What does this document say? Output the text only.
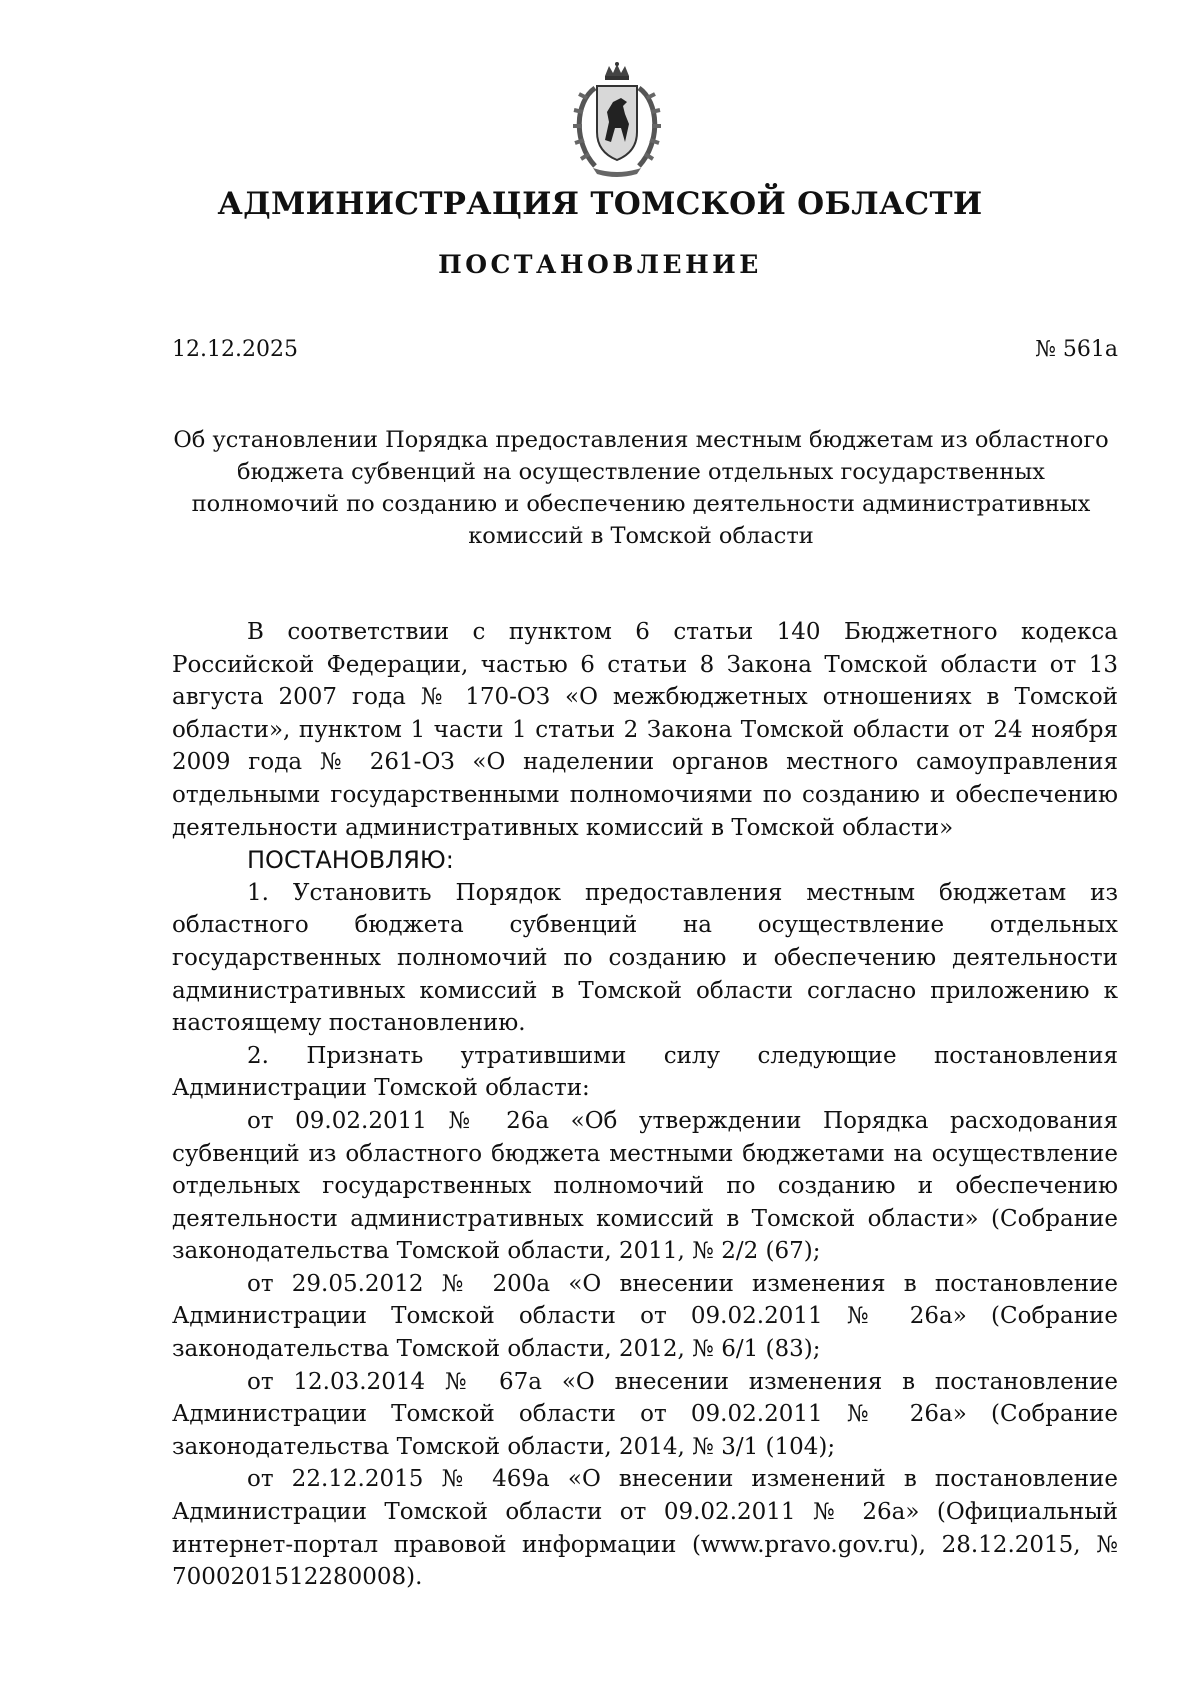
АДМИНИСТРАЦИЯ ТОМСКОЙ ОБЛАСТИ
ПОСТАНОВЛЕНИЕ
12.12.2025	№ 561а
Об установлении Порядка предоставления местным бюджетам из областного бюджета субвенций на осуществление отдельных государственных полномочий по созданию и обеспечению деятельности административных комиссий в Томской области

В соответствии с пунктом 6 статьи 140 Бюджетного кодекса Российской Федерации, частью 6 статьи 8 Закона Томской области от 13 августа 2007 года № 170-ОЗ «О межбюджетных отношениях в Томской области», пунктом 1 части 1 статьи 2 Закона Томской области от 24 ноября 2009 года № 261-ОЗ «О наделении органов местного самоуправления отдельными государственными полномочиями по созданию и обеспечению деятельности административных комиссий в Томской области»

ПОСТАНОВЛЯЮ:

1. Установить Порядок предоставления местным бюджетам из областного бюджета субвенций на осуществление отдельных государственных полномочий по созданию и обеспечению деятельности административных комиссий в Томской области согласно приложению к настоящему постановлению.

2. Признать утратившими силу следующие постановления Администрации Томской области:

от 09.02.2011 № 26а «Об утверждении Порядка расходования субвенций из областного бюджета местными бюджетами на осуществление отдельных государственных полномочий по созданию и обеспечению деятельности административных комиссий в Томской области» (Собрание законодательства Томской области, 2011, № 2/2 (67);

от 29.05.2012 № 200а «О внесении изменения в постановление Администрации Томской области от 09.02.2011 № 26а» (Собрание законодательства Томской области, 2012, № 6/1 (83);

от 12.03.2014 № 67а «О внесении изменения в постановление Администрации Томской области от 09.02.2011 № 26а» (Собрание законодательства Томской области, 2014, № 3/1 (104);

от 22.12.2015 № 469а «О внесении изменений в постановление Администрации Томской области от 09.02.2011 № 26а» (Официальный интернет-портал правовой информации (www.pravo.gov.ru), 28.12.2015, № 7000201512280008).
